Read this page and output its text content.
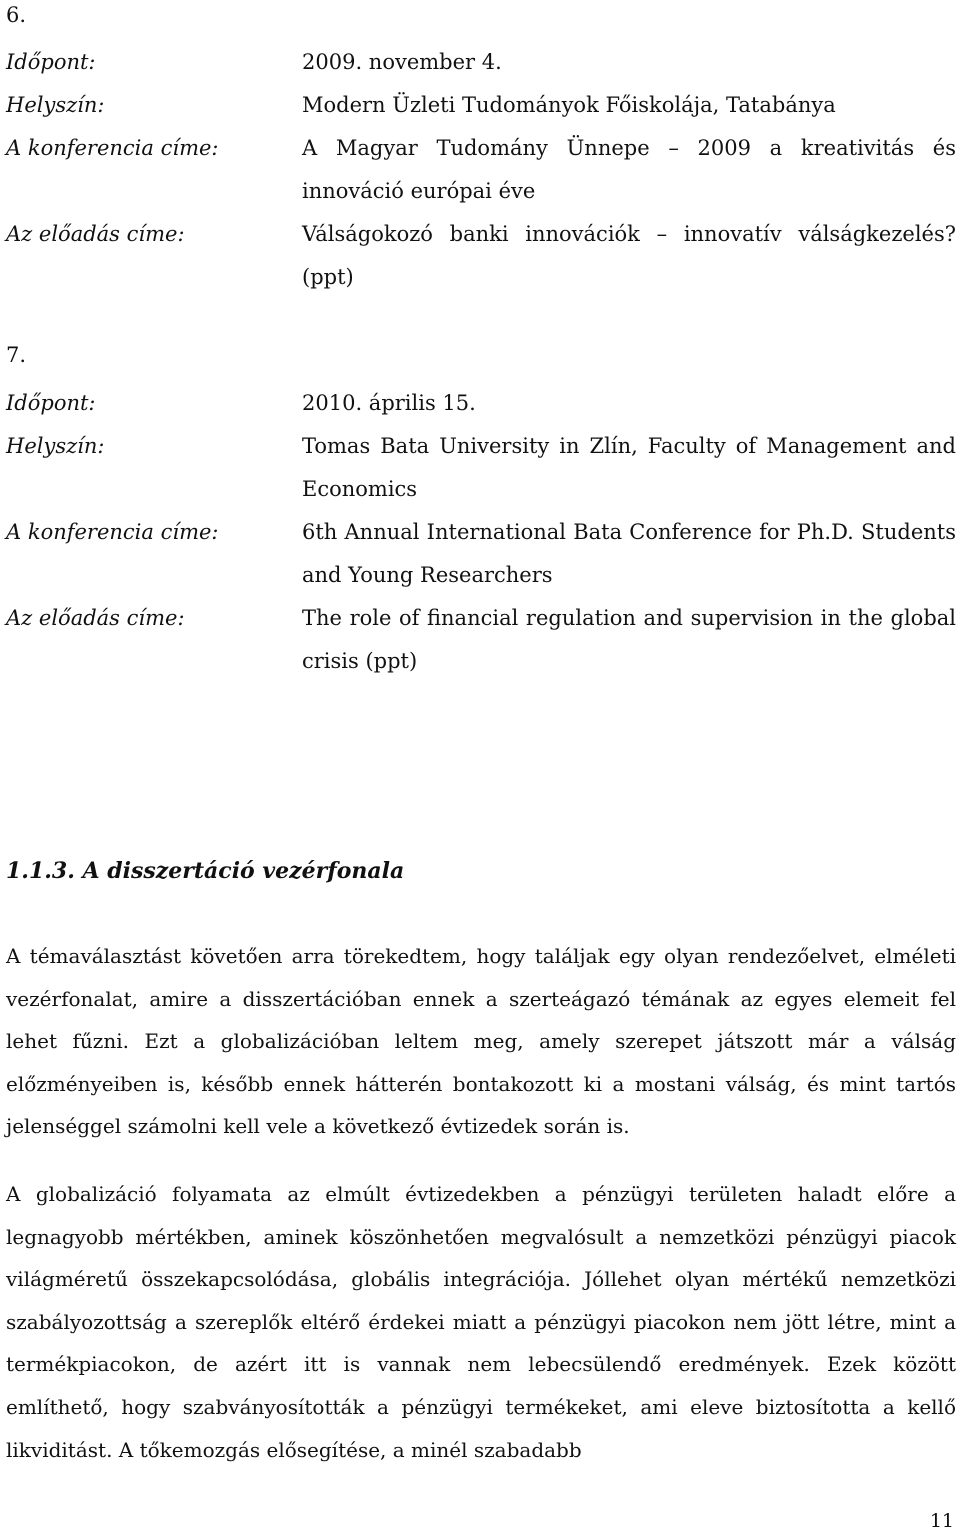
6.
Időpont:	2009. november 4.
Helyszín:	Modern Üzleti Tudományok Főiskolája, Tatabánya
A konferencia címe:	A Magyar Tudomány Ünnepe – 2009 a kreativitás és innováció európai éve
Az előadás címe:	Válságokozó banki innovációk – innovatív válságkezelés? (ppt)
7.
Időpont:	2010. április 15.
Helyszín:	Tomas Bata University in Zlín, Faculty of Management and Economics
A konferencia címe:	6th Annual International Bata Conference for Ph.D. Students and Young Researchers
Az előadás címe:	The role of financial regulation and supervision in the global crisis (ppt)
1.1.3. A disszertáció vezérfonala
A témaválasztást követően arra törekedtem, hogy találjak egy olyan rendezőelvet, elméleti vezérfonalat, amire a disszertációban ennek a szerteágazó témának az egyes elemeit fel lehet fűzni. Ezt a globalizációban leltem meg, amely szerepet játszott már a válság előzményeiben is, később ennek hátterén bontakozott ki a mostani válság, és mint tartós jelenséggel számolni kell vele a következő évtizedek során is.
A globalizáció folyamata az elmúlt évtizedekben a pénzügyi területen haladt előre a legnagyobb mértékben, aminek köszönhetően megvalósult a nemzetközi pénzügyi piacok világméretű összekapcsolódása, globális integrációja. Jóllehet olyan mértékű nemzetközi szabályozottság a szereplők eltérő érdekei miatt a pénzügyi piacokon nem jött létre, mint a termékpiacokon, de azért itt is vannak nem lebecsülendő eredmények. Ezek között említhető, hogy szabványosították a pénzügyi termékeket, ami eleve biztosította a kellő likviditást. A tőkemozgás elősegítése, a minél szabadabb
11
